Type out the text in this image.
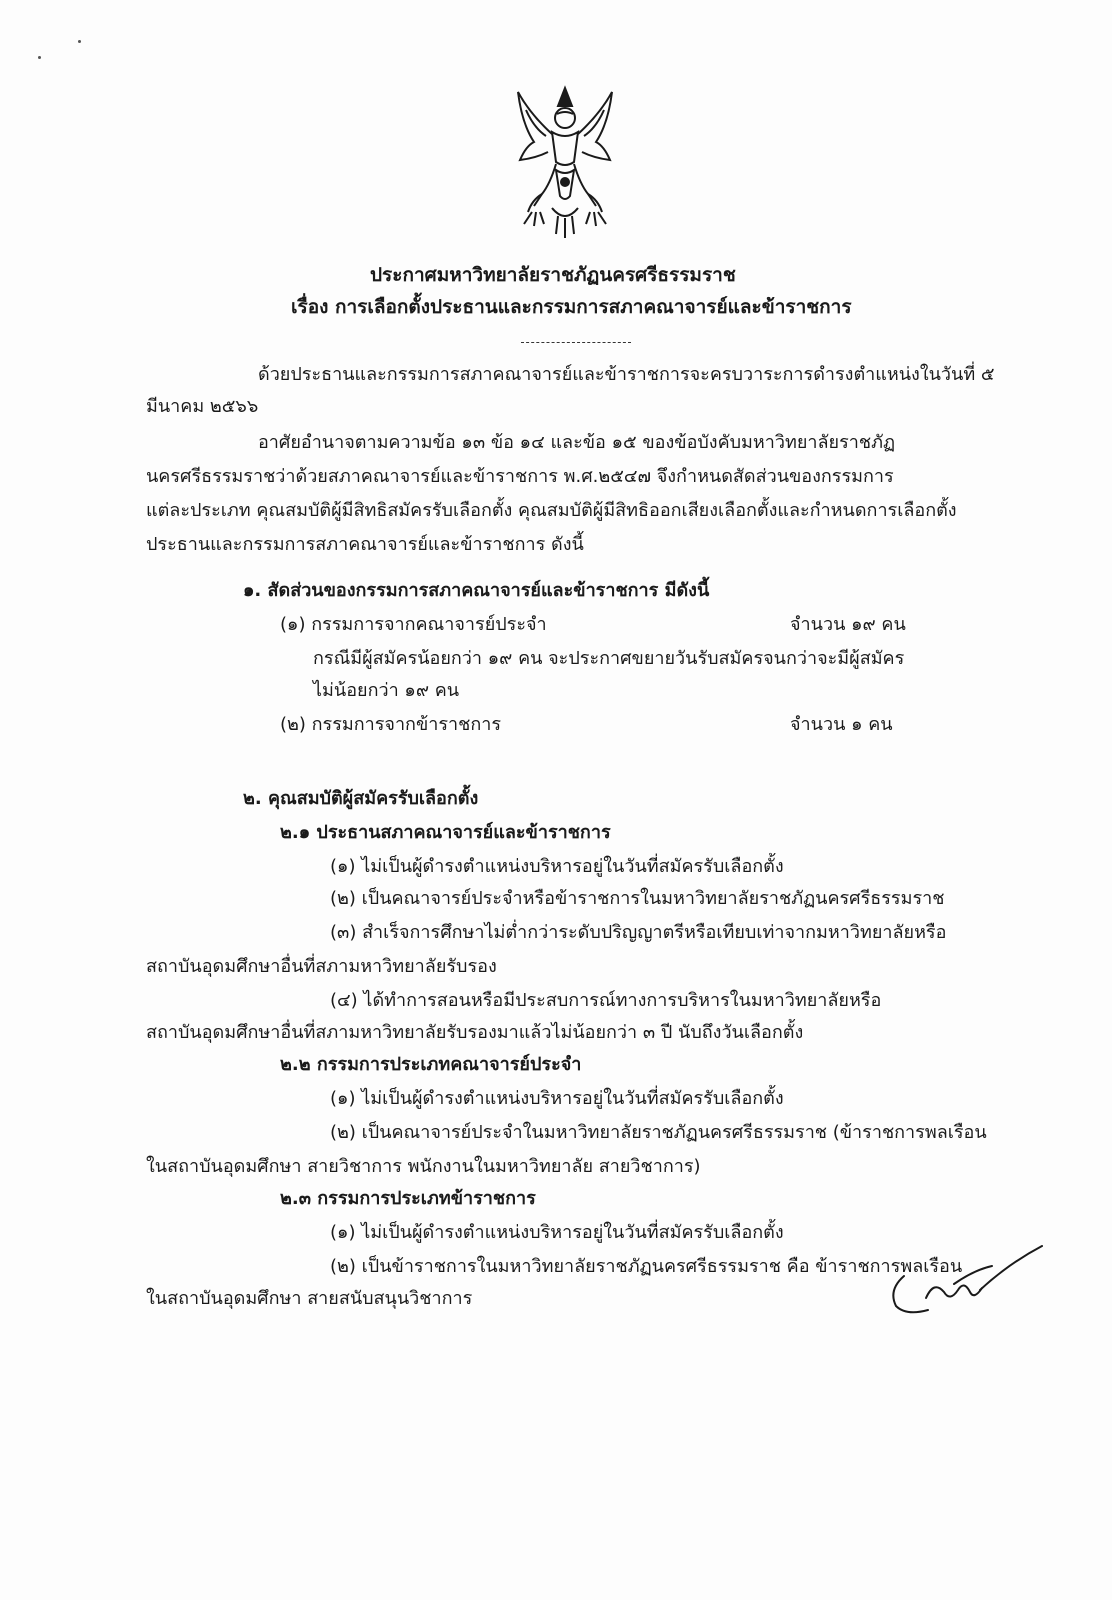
ประกาศมหาวิทยาลัยราชภัฏนครศรีธรรมราช
เรื่อง การเลือกตั้งประธานและกรรมการสภาคณาจารย์และข้าราชการ
ด้วยประธานและกรรมการสภาคณาจารย์และข้าราชการจะครบวาระการดำรงตำแหน่งในวันที่ ๕
มีนาคม ๒๕๖๖
อาศัยอำนาจตามความข้อ ๑๓ ข้อ ๑๔ และข้อ ๑๕ ของข้อบังคับมหาวิทยาลัยราชภัฏ
นครศรีธรรมราชว่าด้วยสภาคณาจารย์และข้าราชการ พ.ศ.๒๕๔๗ จึงกำหนดสัดส่วนของกรรมการ
แต่ละประเภท คุณสมบัติผู้มีสิทธิสมัครรับเลือกตั้ง คุณสมบัติผู้มีสิทธิออกเสียงเลือกตั้งและกำหนดการเลือกตั้ง
ประธานและกรรมการสภาคณาจารย์และข้าราชการ ดังนี้
๑. สัดส่วนของกรรมการสภาคณาจารย์และข้าราชการ มีดังนี้
(๑) กรรมการจากคณาจารย์ประจำ	จำนวน ๑๙ คน
กรณีมีผู้สมัครน้อยกว่า ๑๙ คน จะประกาศขยายวันรับสมัครจนกว่าจะมีผู้สมัคร
ไม่น้อยกว่า ๑๙ คน
(๒) กรรมการจากข้าราชการ	จำนวน ๑ คน
๒. คุณสมบัติผู้สมัครรับเลือกตั้ง
๒.๑ ประธานสภาคณาจารย์และข้าราชการ
(๑) ไม่เป็นผู้ดำรงตำแหน่งบริหารอยู่ในวันที่สมัครรับเลือกตั้ง
(๒) เป็นคณาจารย์ประจำหรือข้าราชการในมหาวิทยาลัยราชภัฏนครศรีธรรมราช
(๓) สำเร็จการศึกษาไม่ต่ำกว่าระดับปริญญาตรีหรือเทียบเท่าจากมหาวิทยาลัยหรือ
สถาบันอุดมศึกษาอื่นที่สภามหาวิทยาลัยรับรอง
(๔) ได้ทำการสอนหรือมีประสบการณ์ทางการบริหารในมหาวิทยาลัยหรือ
สถาบันอุดมศึกษาอื่นที่สภามหาวิทยาลัยรับรองมาแล้วไม่น้อยกว่า ๓ ปี นับถึงวันเลือกตั้ง
๒.๒ กรรมการประเภทคณาจารย์ประจำ
(๑) ไม่เป็นผู้ดำรงตำแหน่งบริหารอยู่ในวันที่สมัครรับเลือกตั้ง
(๒) เป็นคณาจารย์ประจำในมหาวิทยาลัยราชภัฏนครศรีธรรมราช (ข้าราชการพลเรือน
ในสถาบันอุดมศึกษา สายวิชาการ พนักงานในมหาวิทยาลัย สายวิชาการ)
๒.๓ กรรมการประเภทข้าราชการ
(๑) ไม่เป็นผู้ดำรงตำแหน่งบริหารอยู่ในวันที่สมัครรับเลือกตั้ง
(๒) เป็นข้าราชการในมหาวิทยาลัยราชภัฏนครศรีธรรมราช คือ ข้าราชการพลเรือน
ในสถาบันอุดมศึกษา สายสนับสนุนวิชาการ
